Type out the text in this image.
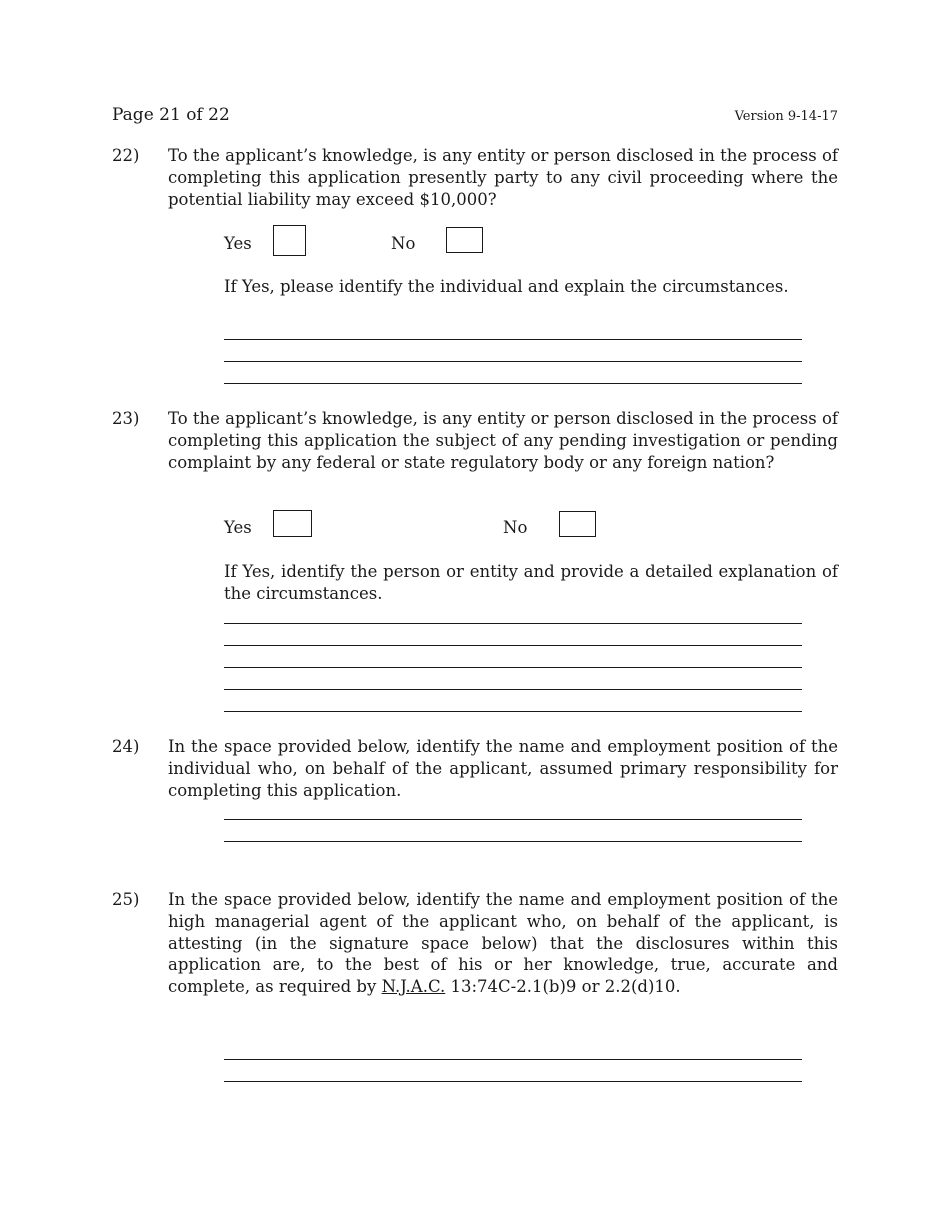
Page 21 of 22	Version 9-14-17
22) To the applicant’s knowledge, is any entity or person disclosed in the process of completing this application presently party to any civil proceeding where the potential liability may exceed $10,000?
Yes	No
If Yes, please identify the individual and explain the circumstances.
23) To the applicant’s knowledge, is any entity or person disclosed in the process of completing this application the subject of any pending investigation or pending complaint by any federal or state regulatory body or any foreign nation?
Yes	No
If Yes, identify the person or entity and provide a detailed explanation of the circumstances.
24) In the space provided below, identify the name and employment position of the individual who, on behalf of the applicant, assumed primary responsibility for completing this application.
25) In the space provided below, identify the name and employment position of the high managerial agent of the applicant who, on behalf of the applicant, is attesting (in the signature space below) that the disclosures within this application are, to the best of his or her knowledge, true, accurate and complete, as required by N.J.A.C. 13:74C-2.1(b)9 or 2.2(d)10.
